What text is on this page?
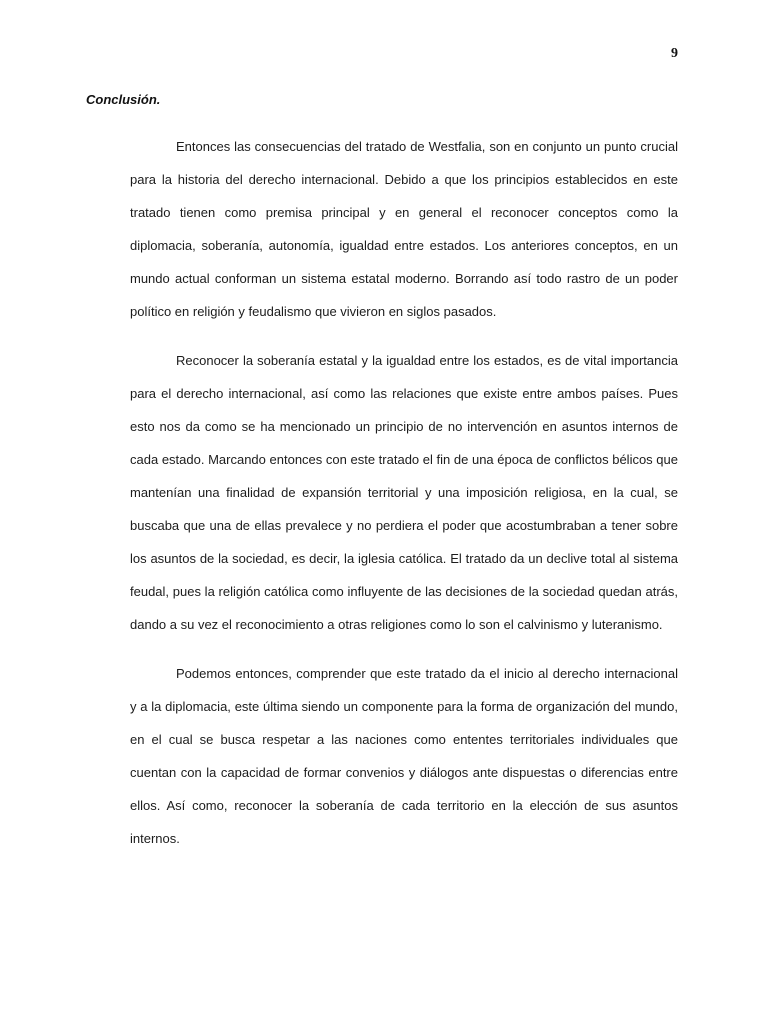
9
Conclusión.

Entonces las consecuencias del tratado de Westfalia, son en conjunto un punto crucial para la historia del derecho internacional. Debido a que los principios establecidos en este tratado tienen como premisa principal y en general el reconocer conceptos como la diplomacia, soberanía, autonomía, igualdad entre estados. Los anteriores conceptos, en un mundo actual conforman un sistema estatal moderno. Borrando así todo rastro de un poder político en religión y feudalismo que vivieron en siglos pasados.

Reconocer la soberanía estatal y la igualdad entre los estados, es de vital importancia para el derecho internacional, así como las relaciones que existe entre ambos países. Pues esto nos da como se ha mencionado un principio de no intervención en asuntos internos de cada estado. Marcando entonces con este tratado el fin de una época de conflictos bélicos que mantenían una finalidad de expansión territorial y una imposición religiosa, en la cual, se buscaba que una de ellas prevalece y no perdiera el poder que acostumbraban a tener sobre los asuntos de la sociedad, es decir, la iglesia católica. El tratado da un declive total al sistema feudal, pues la religión católica como influyente de las decisiones de la sociedad quedan atrás, dando a su vez el reconocimiento a otras religiones como lo son el calvinismo y luteranismo.

Podemos entonces, comprender que este tratado da el inicio al derecho internacional y a la diplomacia, este última siendo un componente para la forma de organización del mundo, en el cual se busca respetar a las naciones como ententes territoriales individuales que cuentan con la capacidad de formar convenios y diálogos ante dispuestas o diferencias entre ellos. Así como, reconocer la soberanía de cada territorio en la elección de sus asuntos internos.
